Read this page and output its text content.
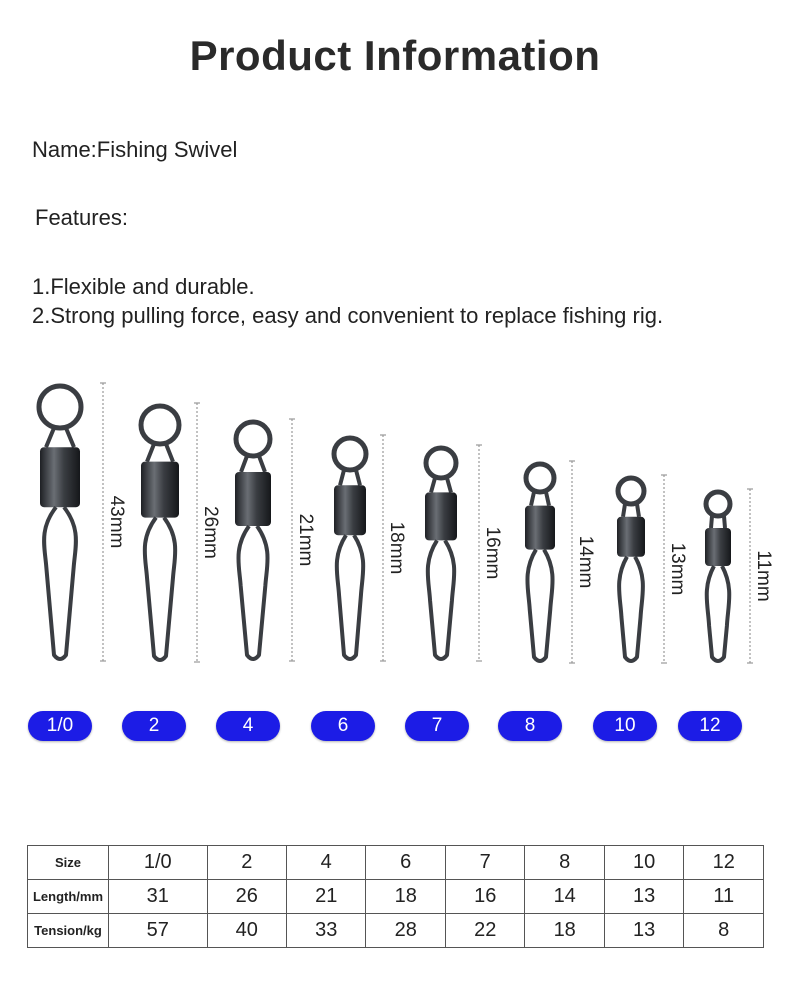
Product Information
Name:Fishing Swivel
Features:
1.Flexible and durable.
2.Strong pulling force, easy and convenient to replace fishing rig.
43mm	26mm	21mm	18mm	16mm	14mm	13mm	11mm
1/0	2	4	6	7	8	10	12
Size	1/0	2	4	6	7	8	10	12
Length/mm	31	26	21	18	16	14	13	11
Tension/kg	57	40	33	28	22	18	13	8
